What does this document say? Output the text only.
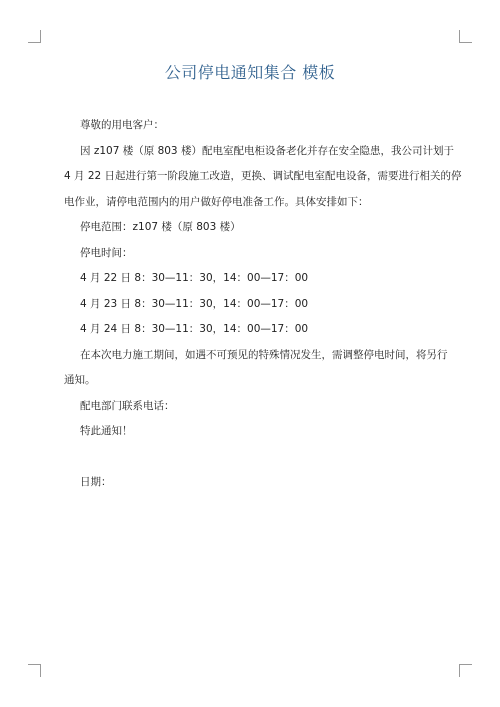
公司停电通知集合 模板

尊敬的用电客户：

因 z107 楼（原 803 楼）配电室配电柜设备老化并存在安全隐患，我公司计划于

4 月 22 日起进行第一阶段施工改造，更换、调试配电室配电设备，需要进行相关的停

电作业，请停电范围内的用户做好停电准备工作。具体安排如下：

停电范围：z107 楼（原 803 楼）

停电时间：

4 月 22 日 8：30—11：30，14：00—17：00

4 月 23 日 8：30—11：30，14：00—17：00

4 月 24 日 8：30—11：30，14：00—17：00

在本次电力施工期间，如遇不可预见的特殊情况发生，需调整停电时间，将另行

通知。

配电部门联系电话：

特此通知！

日期：
